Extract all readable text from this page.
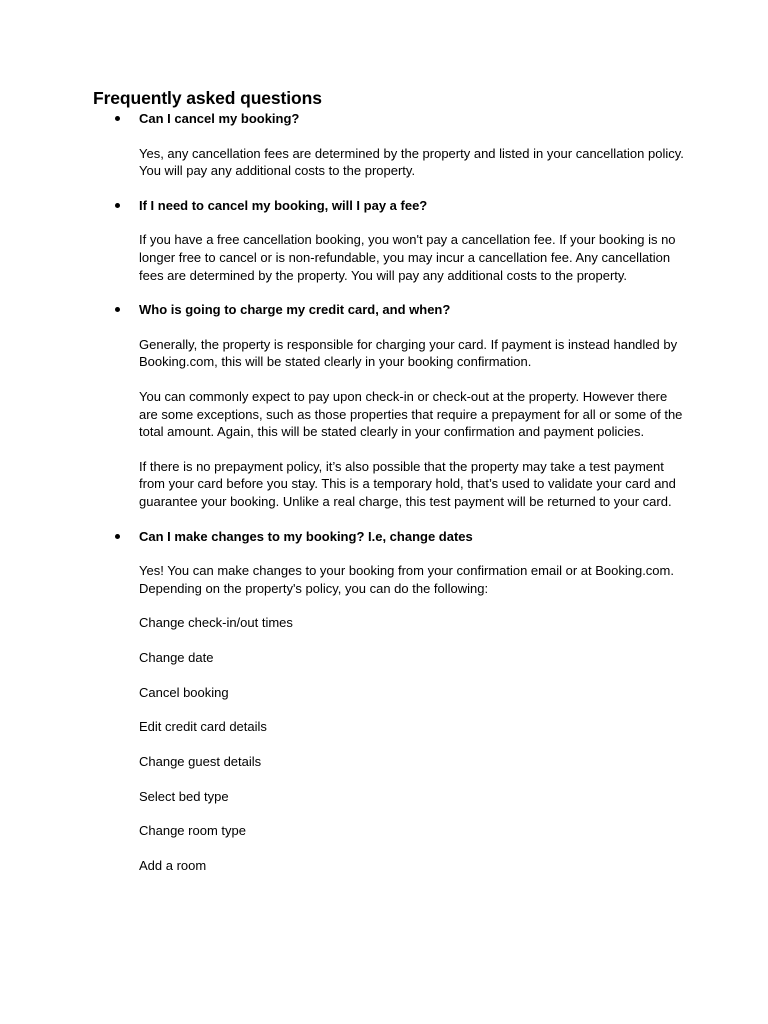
Frequently asked questions
Can I cancel my booking?

Yes, any cancellation fees are determined by the property and listed in your cancellation policy. You will pay any additional costs to the property.

If I need to cancel my booking, will I pay a fee?

If you have a free cancellation booking, you won't pay a cancellation fee. If your booking is no longer free to cancel or is non-refundable, you may incur a cancellation fee. Any cancellation fees are determined by the property. You will pay any additional costs to the property.

Who is going to charge my credit card, and when?

Generally, the property is responsible for charging your card. If payment is instead handled by Booking.com, this will be stated clearly in your booking confirmation.

You can commonly expect to pay upon check-in or check-out at the property. However there are some exceptions, such as those properties that require a prepayment for all or some of the total amount. Again, this will be stated clearly in your confirmation and payment policies.

If there is no prepayment policy, it’s also possible that the property may take a test payment from your card before you stay. This is a temporary hold, that’s used to validate your card and guarantee your booking. Unlike a real charge, this test payment will be returned to your card.

Can I make changes to my booking? I.e, change dates

Yes! You can make changes to your booking from your confirmation email or at Booking.com. Depending on the property's policy, you can do the following:

Change check-in/out times
Change date
Cancel booking
Edit credit card details
Change guest details
Select bed type
Change room type
Add a room
